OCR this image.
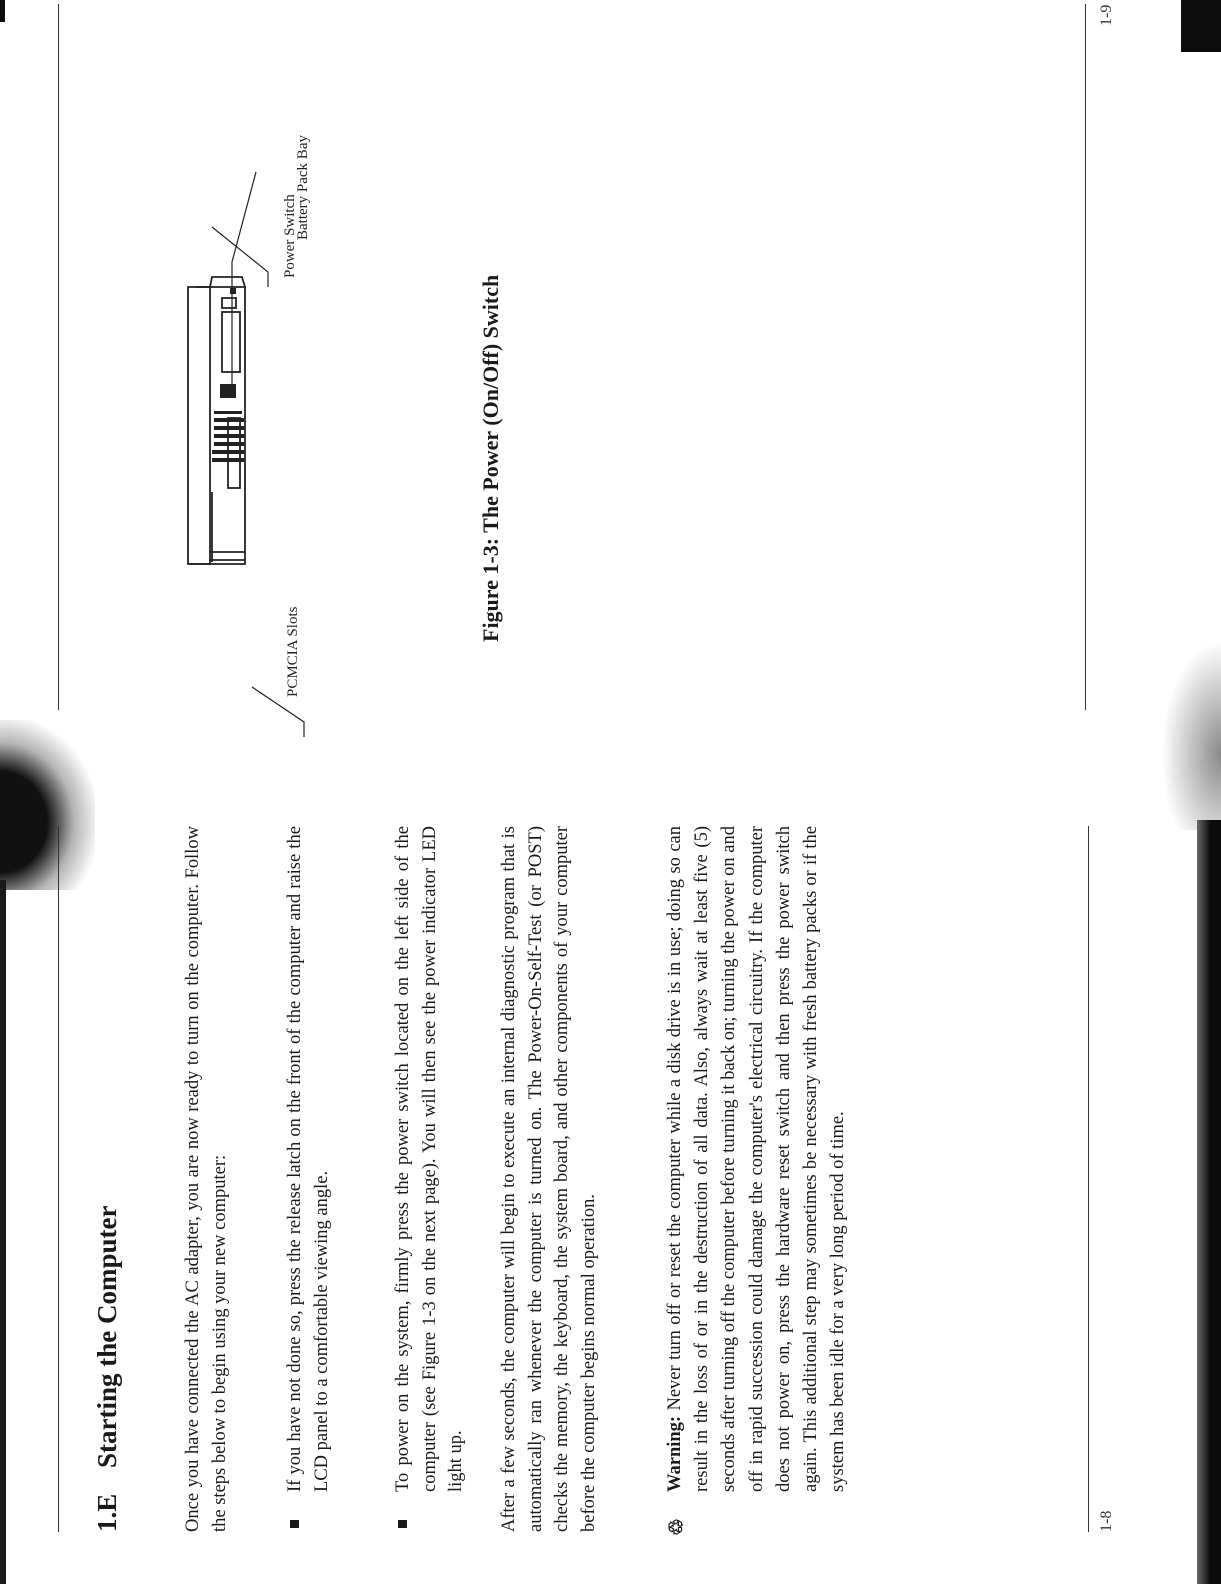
1.EStarting the Computer	Once you have connected the AC adapter, you are now ready to turn on the computer. Follow the steps below to begin using your new computer:	If you have not done so, press the release latch on the front of the computer and raise the LCD panel to a comfortable viewing angle.	To power on the system, firmly press the power switch located on the left side of the computer (see Figure 1-3 on the next page). You will then see the power indicator LED light up. After a few seconds, the computer will begin to execute an internal diagnostic program that is automatically ran whenever the computer is turned on. The Power-On-Self-Test (or POST) checks the memory, the keyboard, the system board, and other components of your computer before the computer begins normal operation.	♲

Warning: Never turn off or reset the computer while a disk drive is in use; doing so can result in the loss of or in the destruction of all data. Also, always wait at least five (5) seconds after turning off the computer before turning it back on; turning the power on and off in rapid succession could damage the computer's electrical circuitry. If the computer does not power on, press the hardware reset switch and then press the power switch again. This additional step may sometimes be necessary with fresh battery packs or if the system has been idle for a very long period of time.

1-8
PCMCIA Slots
Power Switch
Battery Pack Bay
Figure 1-3: The Power (On/Off) Switch
1-9
